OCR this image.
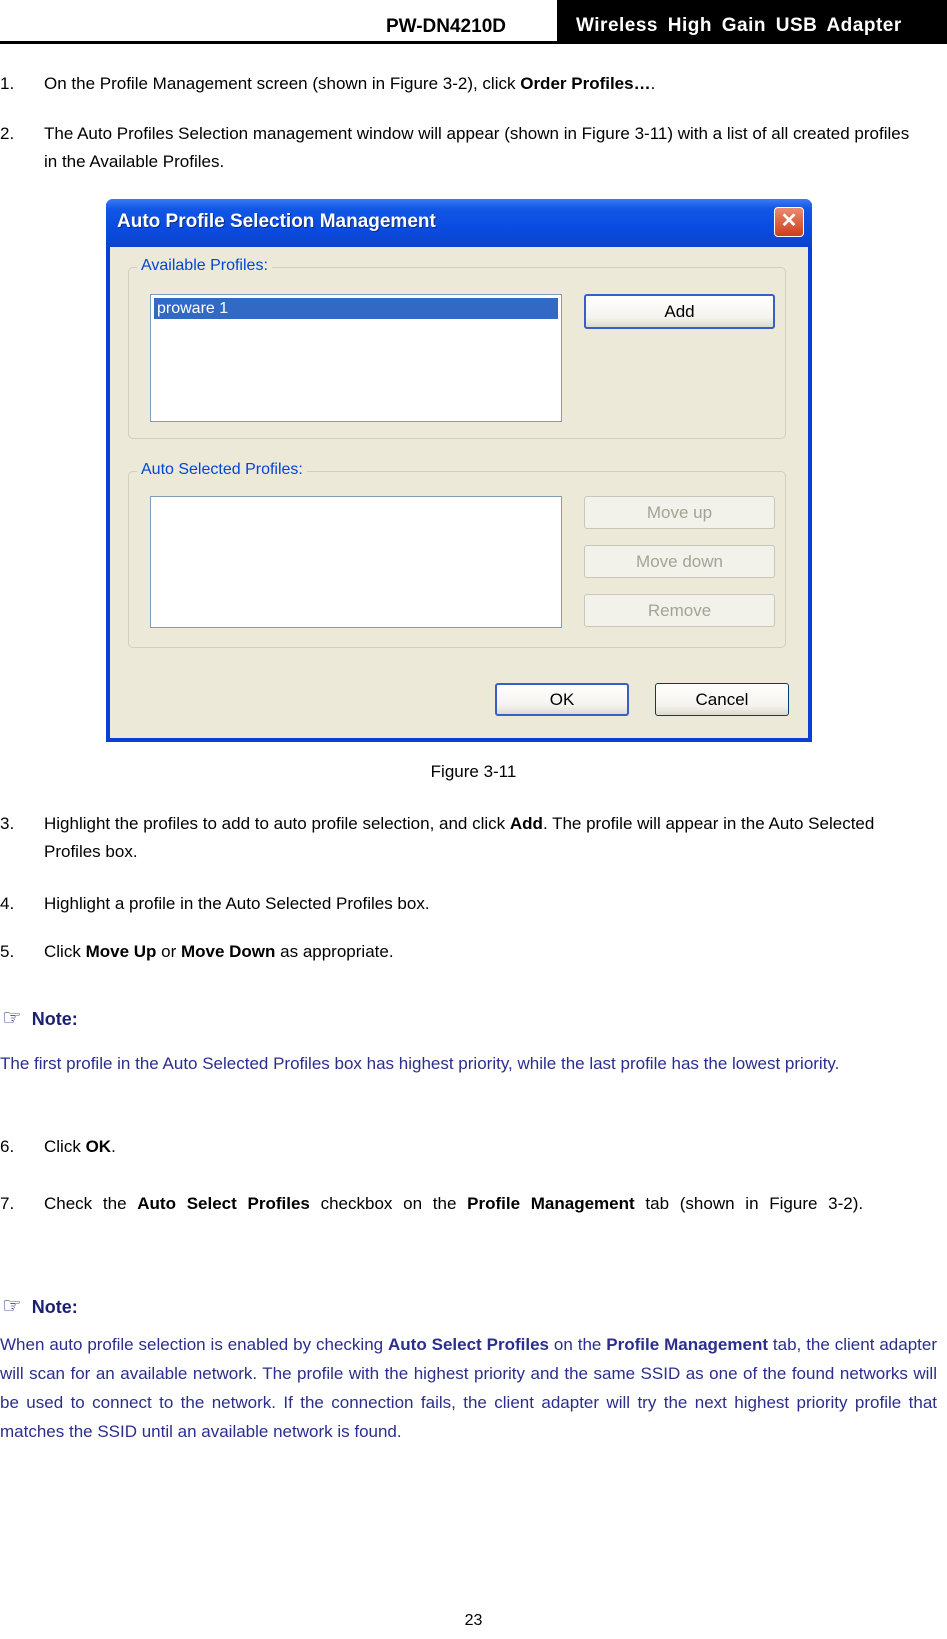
PW-DN4210D	Wireless High Gain USB Adapter
1. On the Profile Management screen (shown in Figure 3-2), click Order Profiles….
2. The Auto Profiles Selection management window will appear (shown in Figure 3-11) with a list of all created profiles in the Available Profiles.
Auto Profile Selection Management	✕
Available Profiles:
proware 1	Add
Auto Selected Profiles:
Move up
Move down
Remove
OK	Cancel
Figure 3-11
3. Highlight the profiles to add to auto profile selection, and click Add. The profile will appear in the Auto Selected Profiles box.
4. Highlight a profile in the Auto Selected Profiles box.
5. Click Move Up or Move Down as appropriate.
☞ Note:
The first profile in the Auto Selected Profiles box has highest priority, while the last profile has the lowest priority.
6. Click OK.
7. Check the Auto Select Profiles checkbox on the Profile Management tab (shown in Figure 3-2).
☞ Note:
When auto profile selection is enabled by checking Auto Select Profiles on the Profile Management tab, the client adapter will scan for an available network. The profile with the highest priority and the same SSID as one of the found networks will be used to connect to the network. If the connection fails, the client adapter will try the next highest priority profile that matches the SSID until an available network is found.
23
